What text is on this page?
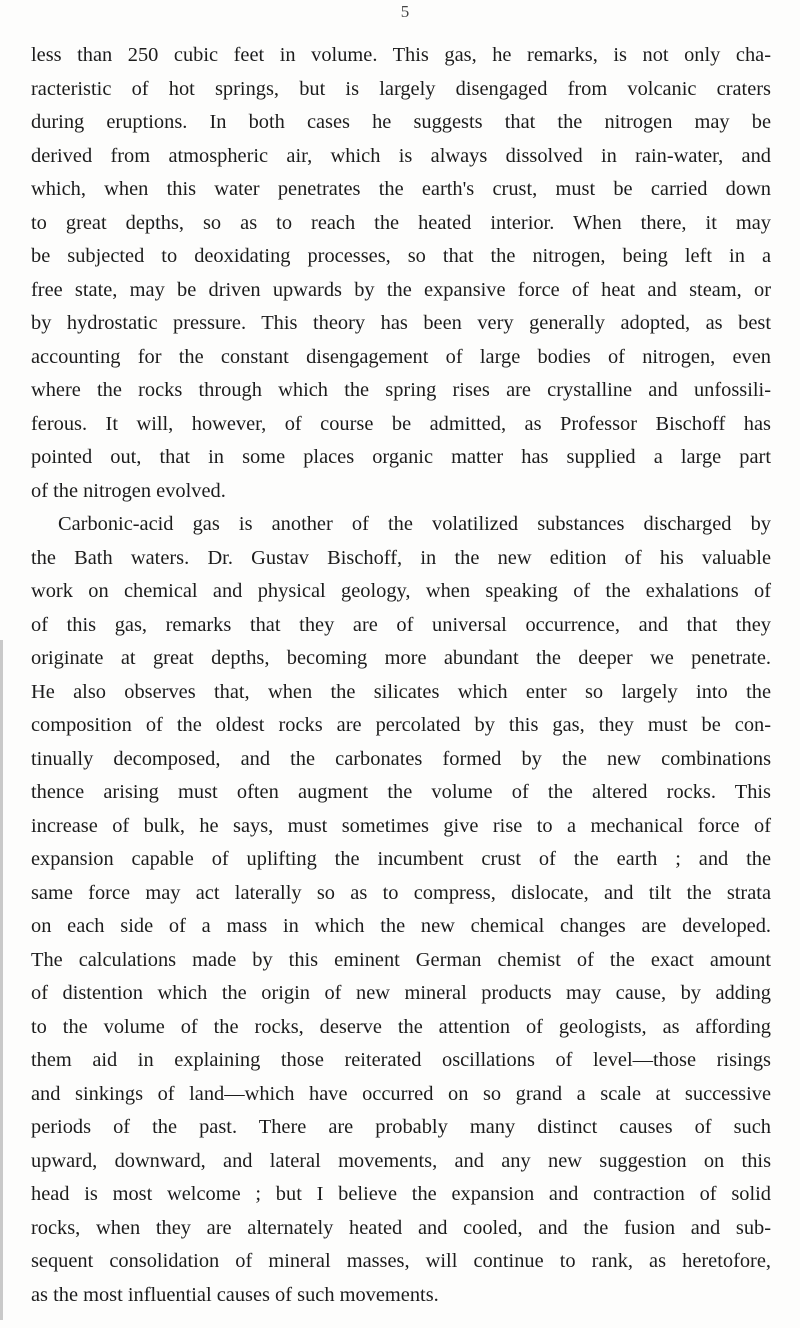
5
less than 250 cubic feet in volume. This gas, he remarks, is not only cha-
racteristic of hot springs, but is largely disengaged from volcanic craters
during eruptions. In both cases he suggests that the nitrogen may be
derived from atmospheric air, which is always dissolved in rain-water, and
which, when this water penetrates the earth's crust, must be carried down
to great depths, so as to reach the heated interior. When there, it may
be subjected to deoxidating processes, so that the nitrogen, being left in a
free state, may be driven upwards by the expansive force of heat and steam, or
by hydrostatic pressure. This theory has been very generally adopted, as best
accounting for the constant disengagement of large bodies of nitrogen, even
where the rocks through which the spring rises are crystalline and unfossili-
ferous. It will, however, of course be admitted, as Professor Bischoff has
pointed out, that in some places organic matter has supplied a large part
of the nitrogen evolved.
Carbonic-acid gas is another of the volatilized substances discharged by
the Bath waters. Dr. Gustav Bischoff, in the new edition of his valuable
work on chemical and physical geology, when speaking of the exhalations of
of this gas, remarks that they are of universal occurrence, and that they
originate at great depths, becoming more abundant the deeper we penetrate.
He also observes that, when the silicates which enter so largely into the
composition of the oldest rocks are percolated by this gas, they must be con-
tinually decomposed, and the carbonates formed by the new combinations
thence arising must often augment the volume of the altered rocks. This
increase of bulk, he says, must sometimes give rise to a mechanical force of
expansion capable of uplifting the incumbent crust of the earth ; and the
same force may act laterally so as to compress, dislocate, and tilt the strata
on each side of a mass in which the new chemical changes are developed.
The calculations made by this eminent German chemist of the exact amount
of distention which the origin of new mineral products may cause, by adding
to the volume of the rocks, deserve the attention of geologists, as affording
them aid in explaining those reiterated oscillations of level—those risings
and sinkings of land—which have occurred on so grand a scale at successive
periods of the past. There are probably many distinct causes of such
upward, downward, and lateral movements, and any new suggestion on this
head is most welcome ; but I believe the expansion and contraction of solid
rocks, when they are alternately heated and cooled, and the fusion and sub-
sequent consolidation of mineral masses, will continue to rank, as heretofore,
as the most influential causes of such movements.
